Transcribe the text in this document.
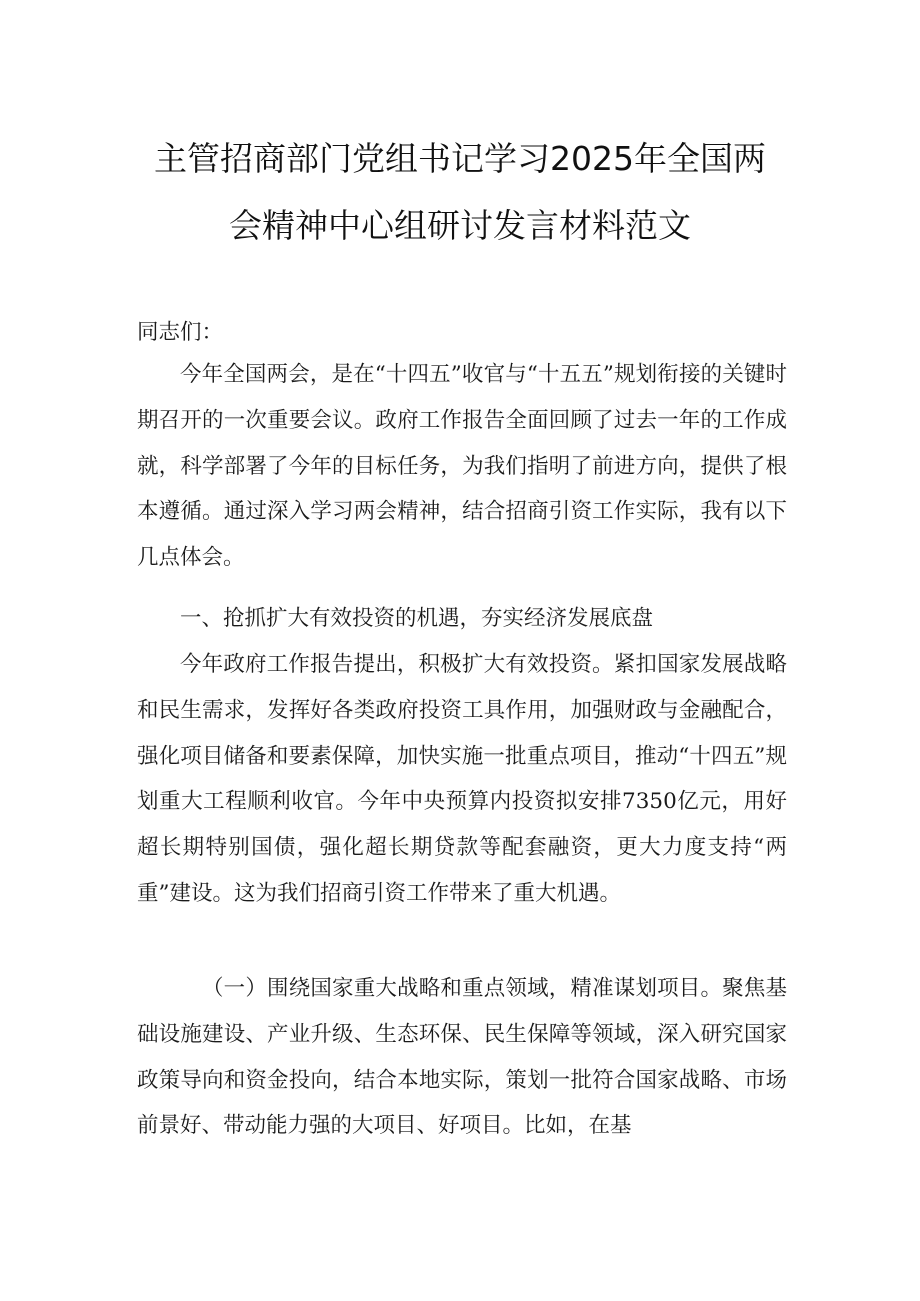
主管招商部门党组书记学习2025年全国两
会精神中心组研讨发言材料范文
同志们：
今年全国两会，是在“十四五”收官与“十五五”规划衔接的关键时期召开的一次重要会议。政府工作报告全面回顾了过去一年的工作成就，科学部署了今年的目标任务，为我们指明了前进方向，提供了根本遵循。通过深入学习两会精神，结合招商引资工作实际，我有以下几点体会。
一、抢抓扩大有效投资的机遇，夯实经济发展底盘
今年政府工作报告提出，积极扩大有效投资。紧扣国家发展战略和民生需求，发挥好各类政府投资工具作用，加强财政与金融配合，强化项目储备和要素保障，加快实施一批重点项目，推动“十四五”规划重大工程顺利收官。今年中央预算内投资拟安排7350亿元，用好超长期特别国债，强化超长期贷款等配套融资，更大力度支持“两重”建设。这为我们招商引资工作带来了重大机遇。
（一）围绕国家重大战略和重点领域，精准谋划项目。聚焦基础设施建设、产业升级、生态环保、民生保障等领域，深入研究国家政策导向和资金投向，结合本地实际，策划一批符合国家战略、市场前景好、带动能力强的大项目、好项目。比如，在基
